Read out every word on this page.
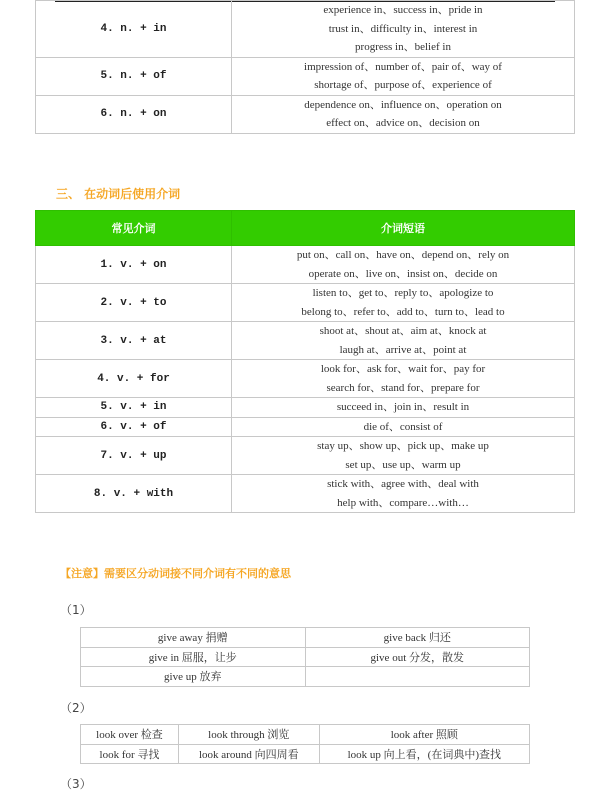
4. n. + in	experience in、success in、pride in
trust in、difficulty in、interest in
progress in、belief in

5. n. + of	impression of、number of、pair of、way of
shortage of、purpose of、experience of

6. n. + on	dependence on、influence on、operation on
effect on、advice on、decision on
三、 在动词后使用介词
常见介词	介词短语
1. v. + on	put on、call on、have on、depend on、rely on
operate on、live on、insist on、decide on

2. v. + to	listen to、get to、reply to、apologize to
belong to、refer to、add to、turn to、lead to

3. v. + at	shoot at、shout at、aim at、knock at
laugh at、arrive at、point at

4. v. + for	look for、ask for、wait for、pay for
search for、stand for、prepare for

5. v. + in	succeed in、join in、result in

6. v. + of	die of、consist of

7. v. + up	stay up、show up、pick up、make up
set up、use up、warm up

8. v. + with	stick with、agree with、deal with
help with、compare…with…
【注意】需要区分动词接不同介词有不同的意思
（1）
give away 捐赠	give back 归还
give in 屈服，让步	give out 分发，散发
give up 放弃	
（2）
look over 检查	look through 浏览	look after 照顾
look for 寻找	look around 向四周看	look up 向上看，(在词典中)查找
（3）
